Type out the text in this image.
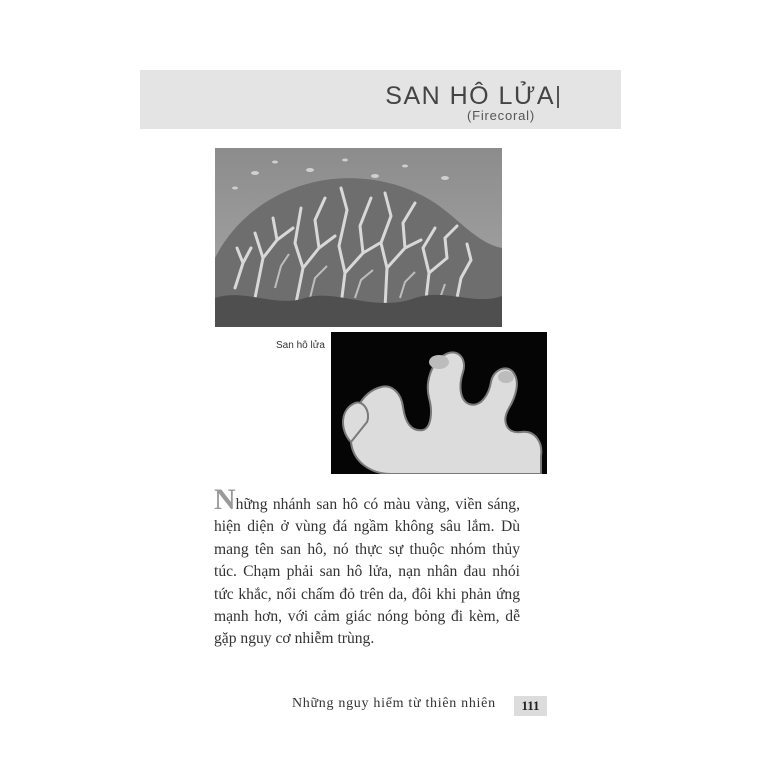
SAN HÔ LỬA
(Firecoral)
San hô lửa
Những nhánh san hô có màu vàng, viền sáng, hiện diện ở vùng đá ngầm không sâu lắm. Dù mang tên san hô, nó thực sự thuộc nhóm thủy túc. Chạm phải san hô lửa, nạn nhân đau nhói tức khắc, nổi chấm đỏ trên da, đôi khi phản ứng mạnh hơn, với cảm giác nóng bỏng đi kèm, dễ gặp nguy cơ nhiễm trùng.
Những nguy hiểm từ thiên nhiên	111
